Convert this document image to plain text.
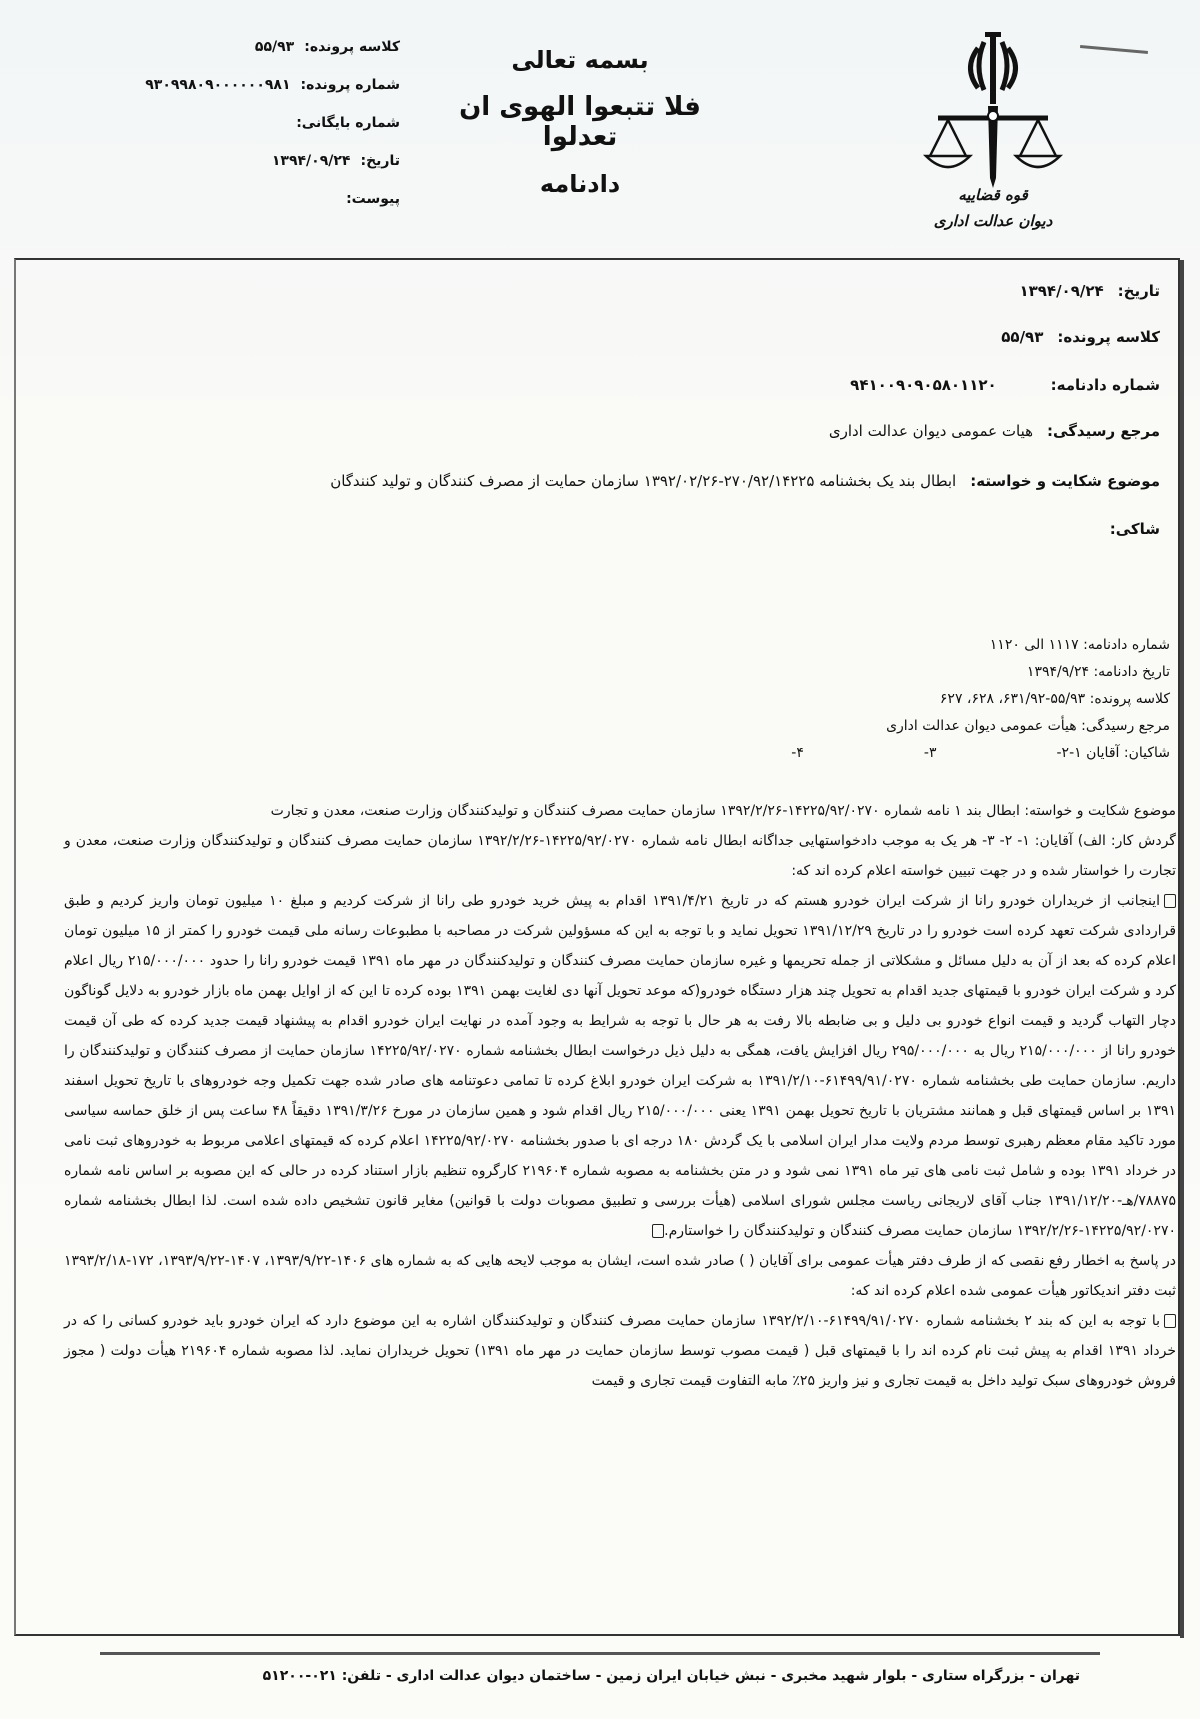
قوه قضاییه
دیوان عدالت اداری
بسمه تعالی
فلا تتبعوا الهوی ان تعدلوا
دادنامه
کلاسه پرونده:
۵۵/۹۳
شماره پرونده:
۹۳۰۹۹۸۰۹۰۰۰۰۰۰۹۸۱
شماره بایگانی:
تاریخ:
۱۳۹۴/۰۹/۲۴
پیوست:
تاریخ:
۱۳۹۴/۰۹/۲۴
کلاسه پرونده:
۵۵/۹۳
شماره دادنامه:
۹۴۱۰۰۹۰۹۰۵۸۰۱۱۲۰
مرجع رسیدگی:
هیات عمومی دیوان عدالت اداری
موضوع شکایت و خواسته:
ابطال بند یک بخشنامه ۲۷۰/۹۲/۱۴۲۲۵-۱۳۹۲/۰۲/۲۶ سازمان حمایت از مصرف کنندگان و تولید کنندگان
شاکی:
شماره دادنامه: ۱۱۱۷ الی ۱۱۲۰
تاریخ دادنامه: ۱۳۹۴/۹/۲۴
کلاسه پرونده: ۵۵/۹۳-۶۳۱/۹۲، ۶۲۸، ۶۲۷
مرجع رسیدگی: هیأت عمومی دیوان عدالت اداری
شاکیان: آقایان ۱-
۲-
۳-
۴-

موضوع شکایت و خواسته: ابطال بند ۱ نامه شماره ۱۴۲۲۵/۹۲/۰۲۷۰-۱۳۹۲/۲/۲۶ سازمان حمایت مصرف کنندگان و تولیدکنندگان وزارت صنعت، معدن و تجارت

گردش کار: الف) آقایان: ۱- ۲- ۳- هر یک به موجب دادخواستهایی جداگانه ابطال نامه شماره ۱۴۲۲۵/۹۲/۰۲۷۰-۱۳۹۲/۲/۲۶ سازمان حمایت مصرف کنندگان و تولیدکنندگان وزارت صنعت، معدن و تجارت را خواستار شده و در جهت تبیین خواسته اعلام کرده اند که:

اینجانب از خریداران خودرو رانا از شرکت ایران خودرو هستم که در تاریخ ۱۳۹۱/۴/۲۱ اقدام به پیش خرید خودرو طی رانا از شرکت کردیم و مبلغ ۱۰ میلیون تومان واریز کردیم و طبق قراردادی شرکت تعهد کرده است خودرو را در تاریخ ۱۳۹۱/۱۲/۲۹ تحویل نماید و با توجه به این که مسؤولین شرکت در مصاحبه با مطبوعات رسانه ملی قیمت خودرو را کمتر از ۱۵ میلیون تومان اعلام کرده که بعد از آن به دلیل مسائل و مشکلاتی از جمله تحریمها و غیره سازمان حمایت مصرف کنندگان و تولیدکنندگان در مهر ماه ۱۳۹۱ قیمت خودرو رانا را حدود ۲۱۵/۰۰۰/۰۰۰ ریال اعلام کرد و شرکت ایران خودرو با قیمتهای جدید اقدام به تحویل چند هزار دستگاه خودرو(که موعد تحویل آنها دی لغایت بهمن ۱۳۹۱ بوده کرده تا این که از اوایل بهمن ماه بازار خودرو به دلایل گوناگون دچار التهاب گردید و قیمت انواع خودرو بی دلیل و بی ضابطه بالا رفت به هر حال با توجه به شرایط به وجود آمده در نهایت ایران خودرو اقدام به پیشنهاد قیمت جدید کرده که طی آن قیمت خودرو رانا از ۲۱۵/۰۰۰/۰۰۰ ریال به ۲۹۵/۰۰۰/۰۰۰ ریال افزایش یافت، همگی به دلیل ذیل درخواست ابطال بخشنامه شماره ۱۴۲۲۵/۹۲/۰۲۷۰ سازمان حمایت از مصرف کنندگان و تولیدکنندگان را داریم. سازمان حمایت طی بخشنامه شماره ۶۱۴۹۹/۹۱/۰۲۷۰-۱۳۹۱/۲/۱۰ به شرکت ایران خودرو ابلاغ کرده تا تمامی دعوتنامه های صادر شده جهت تکمیل وجه خودروهای با تاریخ تحویل اسفند ۱۳۹۱ بر اساس قیمتهای قبل و همانند مشتریان با تاریخ تحویل بهمن ۱۳۹۱ یعنی ۲۱۵/۰۰۰/۰۰۰ ریال اقدام شود و همین سازمان در مورخ ۱۳۹۱/۳/۲۶ دقیقاً ۴۸ ساعت پس از خلق حماسه سیاسی مورد تاکید مقام معظم رهبری توسط مردم ولایت مدار ایران اسلامی با یک گردش ۱۸۰ درجه ای با صدور بخشنامه ۱۴۲۲۵/۹۲/۰۲۷۰ اعلام کرده که قیمتهای اعلامی مربوط به خودروهای ثبت نامی در خرداد ۱۳۹۱ بوده و شامل ثبت نامی های تیر ماه ۱۳۹۱ نمی شود و در متن بخشنامه به مصوبه شماره ۲۱۹۶۰۴ کارگروه تنظیم بازار استناد کرده در حالی که این مصوبه بر اساس نامه شماره ۷۸۸۷۵/هـ-۱۳۹۱/۱۲/۲۰ جناب آقای لاریجانی ریاست مجلس شورای اسلامی (هیأت بررسی و تطبیق مصوبات دولت با قوانین) مغایر قانون تشخیص داده شده است. لذا ابطال بخشنامه شماره ۱۴۲۲۵/۹۲/۰۲۷۰-۱۳۹۲/۲/۲۶ سازمان حمایت مصرف کنندگان و تولیدکنندگان را خواستارم.

در پاسخ به اخطار رفع نقصی که از طرف دفتر هیأت عمومی برای آقایان ( ) صادر شده است، ایشان به موجب لایحه هایی که به شماره های ۱۴۰۶-۱۳۹۳/۹/۲۲، ۱۴۰۷-۱۳۹۳/۹/۲۲، ۱۷۲-۱۳۹۳/۲/۱۸ ثبت دفتر اندیکاتور هیأت عمومی شده اعلام کرده اند که:

با توجه به این که بند ۲ بخشنامه شماره ۶۱۴۹۹/۹۱/۰۲۷۰-۱۳۹۲/۲/۱۰ سازمان حمایت مصرف کنندگان و تولیدکنندگان اشاره به این موضوع دارد که ایران خودرو باید خودرو کسانی را که در خرداد ۱۳۹۱ اقدام به پیش ثبت نام کرده اند را با قیمتهای قبل ( قیمت مصوب توسط سازمان حمایت در مهر ماه ۱۳۹۱) تحویل خریداران نماید. لذا مصوبه شماره ۲۱۹۶۰۴ هیأت دولت ( مجوز فروش خودروهای سبک تولید داخل به قیمت تجاری و نیز واریز ۲۵٪ مابه التفاوت قیمت تجاری و قیمت

تهران - بزرگراه ستاری - بلوار شهید مخبری - نبش خیابان ایران زمین - ساختمان دیوان عدالت اداری - تلفن: ۰۲۱-۵۱۲۰۰
